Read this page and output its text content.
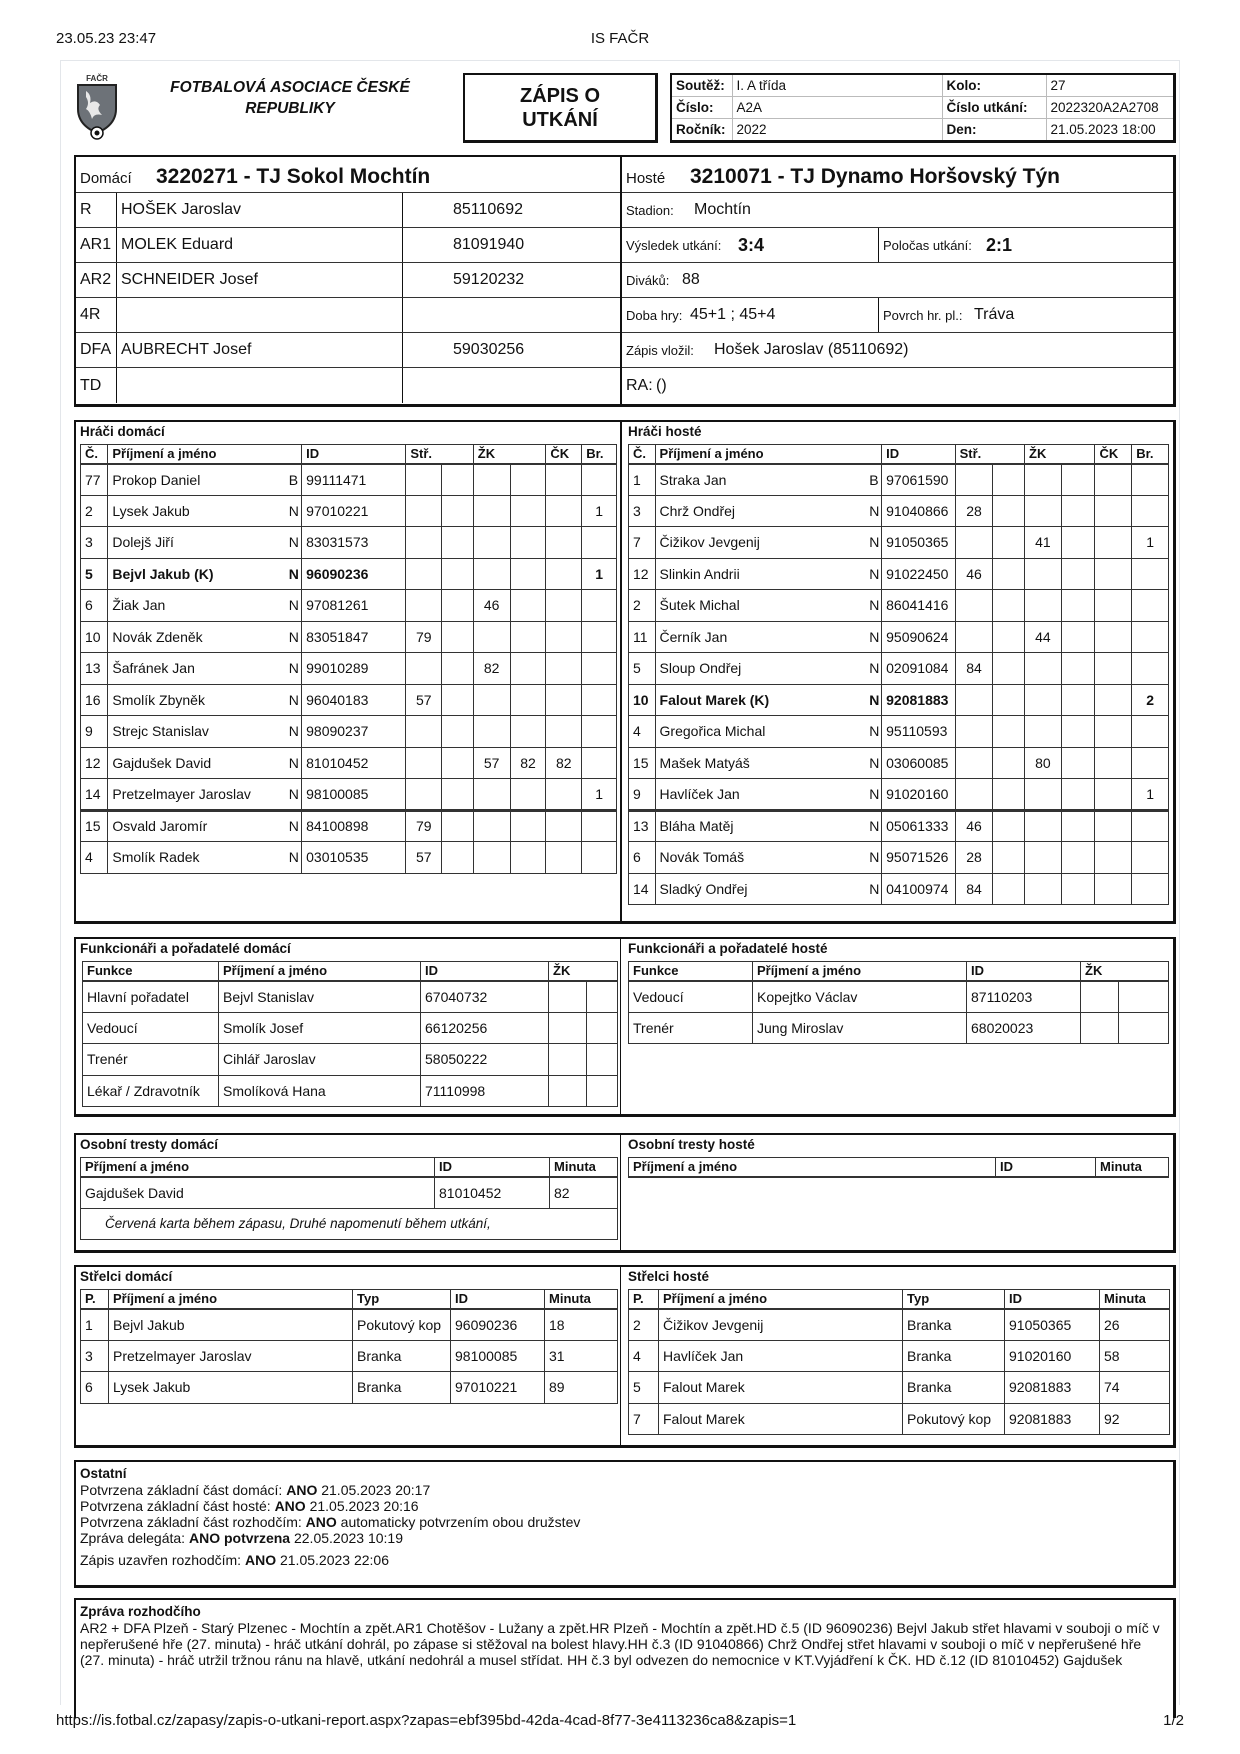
23.05.23 23:47	IS FAČR
FAČR
FOTBALOVÁ ASOCIACE ČESKÉ
REPUBLIKY
ZÁPIS O
UTKÁNÍ
Soutěž:	I. A třída	Kolo:	27
Číslo:	A2A	Číslo utkání:	2022320A2A2708
Ročník:	2022	Den:	21.05.2023 18:00
Domácí 3220271 - TJ Sokol Mochtín
R	HOŠEK Jaroslav	85110692
AR1 MOLEK Eduard	81091940
AR2 SCHNEIDER Josef	59120232
4R
DFA AUBRECHT Josef	59030256
TD
Hosté 3210071 - TJ Dynamo Horšovský Týn
Stadion: Mochtín
Výsledek utkání: 3:4	Poločas utkání: 2:1
Diváků: 88
Doba hry: 45+1 ; 45+4	Povrch hr. pl.: Tráva
Zápis vložil: Hošek Jaroslav (85110692)
RA: ()
Hráči domácí	Hráči hosté
Č.	Příjmení a jméno		ID	Stř.		ŽK		ČK	Br.
77	Prokop Daniel	B	99111471						
2	Lysek Jakub	N	97010221						1
3	Dolejš Jiří	N	83031573						
5	Bejvl Jakub (K)	N	96090236						1
6	Žiak Jan	N	97081261			46			
10	Novák Zdeněk	N	83051847	79					
13	Šafránek Jan	N	99010289			82			
16	Smolík Zbyněk	N	96040183	57					
9	Strejc Stanislav	N	98090237						
12	Gajdušek David	N	81010452			57	82	82	
14	Pretzelmayer Jaroslav	N	98100085						1
15	Osvald Jaromír	N	84100898	79					
4	Smolík Radek	N	03010535	57					
Č.	Příjmení a jméno		ID	Stř.		ŽK		ČK	Br.
1	Straka Jan	B	97061590						
3	Chrž Ondřej	N	91040866	28					
7	Čižikov Jevgenij	N	91050365			41			1
12	Slinkin Andrii	N	91022450	46					
2	Šutek Michal	N	86041416						
11	Černík Jan	N	95090624			44			
5	Sloup Ondřej	N	02091084	84					
10	Falout Marek (K)	N	92081883						2
4	Gregořica Michal	N	95110593						
15	Mašek Matyáš	N	03060085			80			
9	Havlíček Jan	N	91020160						1
13	Bláha Matěj	N	05061333	46					
6	Novák Tomáš	N	95071526	28					
14	Sladký Ondřej	N	04100974	84					
Funkcionáři a pořadatelé domácí	Funkcionáři a pořadatelé hosté
Funkce	Příjmení a jméno	ID	ŽK	
Hlavní pořadatel	Bejvl Stanislav	67040732		
Vedoucí	Smolík Josef	66120256		
Trenér	Cihlář Jaroslav	58050222		
Lékař / Zdravotník	Smolíková Hana	71110998		
Funkce	Příjmení a jméno	ID	ŽK	
Vedoucí	Kopejtko Václav	87110203		
Trenér	Jung Miroslav	68020023		
Osobní tresty domácí	Osobní tresty hosté
Příjmení a jméno	ID	Minuta
Gajdušek David	81010452	82
Červená karta během zápasu, Druhé napomenutí během utkání,		
Příjmení a jméno	ID	Minuta
Střelci domácí	Střelci hosté
P.	Příjmení a jméno	Typ	ID	Minuta
1	Bejvl Jakub	Pokutový kop	96090236	18
3	Pretzelmayer Jaroslav	Branka	98100085	31
6	Lysek Jakub	Branka	97010221	89
P.	Příjmení a jméno	Typ	ID	Minuta
2	Čižikov Jevgenij	Branka	91050365	26
4	Havlíček Jan	Branka	91020160	58
5	Falout Marek	Branka	92081883	74
7	Falout Marek	Pokutový kop	92081883	92
Ostatní
Potvrzena základní část domácí: ANO 21.05.2023 20:17
Potvrzena základní část hosté: ANO 21.05.2023 20:16
Potvrzena základní část rozhodčím: ANO automaticky potvrzením obou družstev
Zpráva delegáta: ANO potvrzena 22.05.2023 10:19
Zápis uzavřen rozhodčím: ANO 21.05.2023 22:06
Zpráva rozhodčího
AR2 + DFA Plzeň - Starý Plzenec - Mochtín a zpět.AR1 Chotěšov - Lužany a zpět.HR Plzeň - Mochtín a zpět.HD č.5 (ID 96090236) Bejvl Jakub střet hlavami v souboji o míč v nepřerušené hře (27. minuta) - hráč utkání dohrál, po zápase si stěžoval na bolest hlavy.HH č.3 (ID 91040866) Chrž Ondřej střet hlavami v souboji o míč v nepřerušené hře (27. minuta) - hráč utržil tržnou ránu na hlavě, utkání nedohrál a musel střídat. HH č.3 byl odvezen do nemocnice v KT.Vyjádření k ČK. HD č.12 (ID 81010452) Gajdušek
https://is.fotbal.cz/zapasy/zapis-o-utkani-report.aspx?zapas=ebf395bd-42da-4cad-8f77-3e4113236ca8&zapis=1	1/2
